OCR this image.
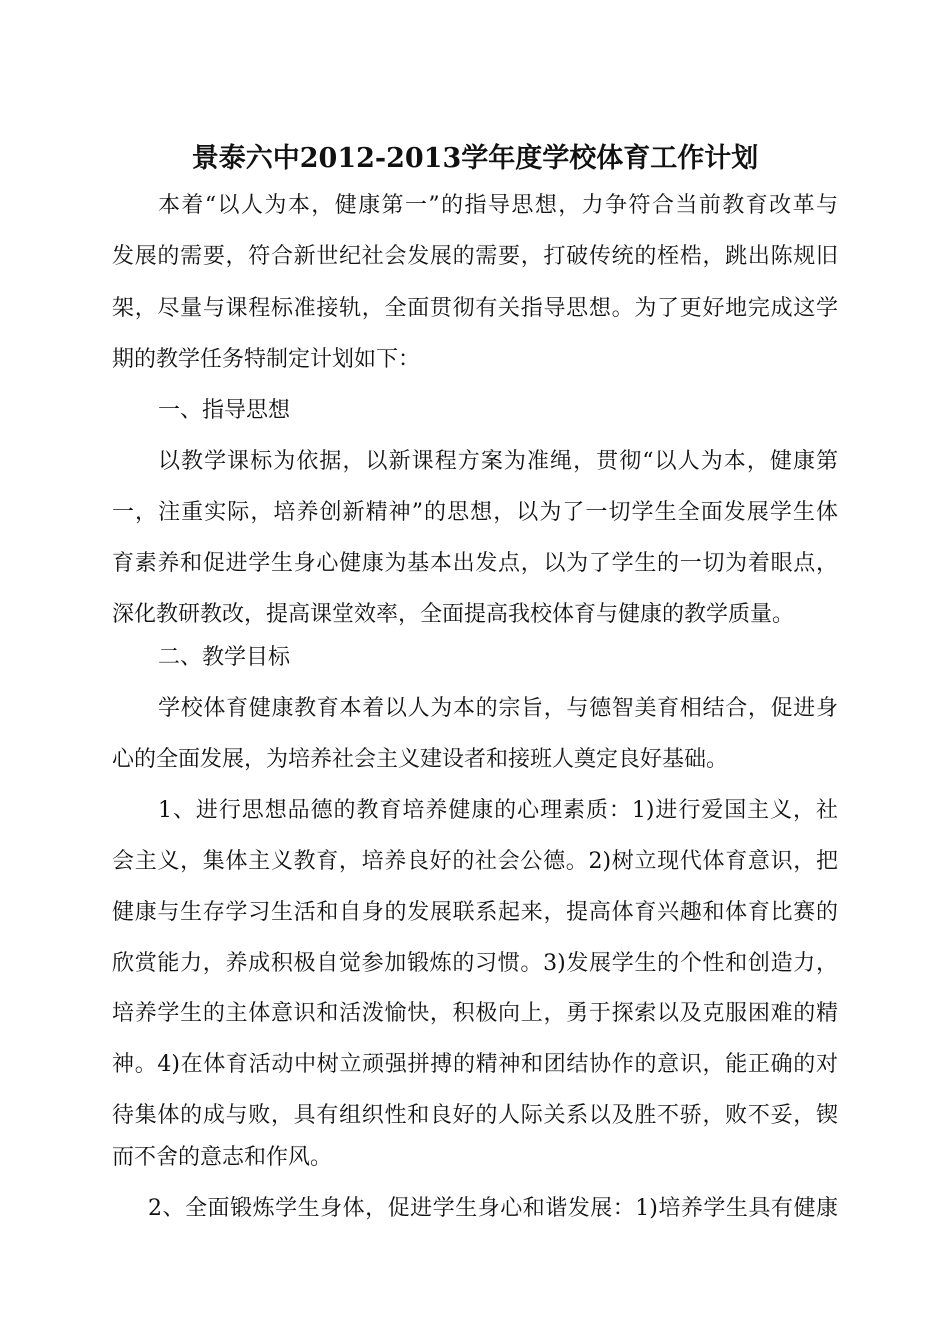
景泰六中2012-2013学年度学校体育工作计划
本着“以人为本，健康第一”的指导思想，力争符合当前教育改革与
发展的需要，符合新世纪社会发展的需要，打破传统的桎梏，跳出陈规旧
架，尽量与课程标准接轨，全面贯彻有关指导思想。为了更好地完成这学
期的教学任务特制定计划如下：
一、指导思想
以教学课标为依据，以新课程方案为准绳，贯彻“以人为本，健康第
一，注重实际，培养创新精神”的思想，以为了一切学生全面发展学生体
育素养和促进学生身心健康为基本出发点，以为了学生的一切为着眼点，
深化教研教改，提高课堂效率，全面提高我校体育与健康的教学质量。
二、教学目标
学校体育健康教育本着以人为本的宗旨，与德智美育相结合，促进身
心的全面发展，为培养社会主义建设者和接班人奠定良好基础。
1、进行思想品德的教育培养健康的心理素质：1)进行爱国主义，社
会主义，集体主义教育，培养良好的社会公德。2)树立现代体育意识，把
健康与生存学习生活和自身的发展联系起来，提高体育兴趣和体育比赛的
欣赏能力，养成积极自觉参加锻炼的习惯。3)发展学生的个性和创造力，
培养学生的主体意识和活泼愉快，积极向上，勇于探索以及克服困难的精
神。4)在体育活动中树立顽强拼搏的精神和团结协作的意识，能正确的对
待集体的成与败，具有组织性和良好的人际关系以及胜不骄，败不妥，锲
而不舍的意志和作风。
2、全面锻炼学生身体，促进学生身心和谐发展：1)培养学生具有健康
